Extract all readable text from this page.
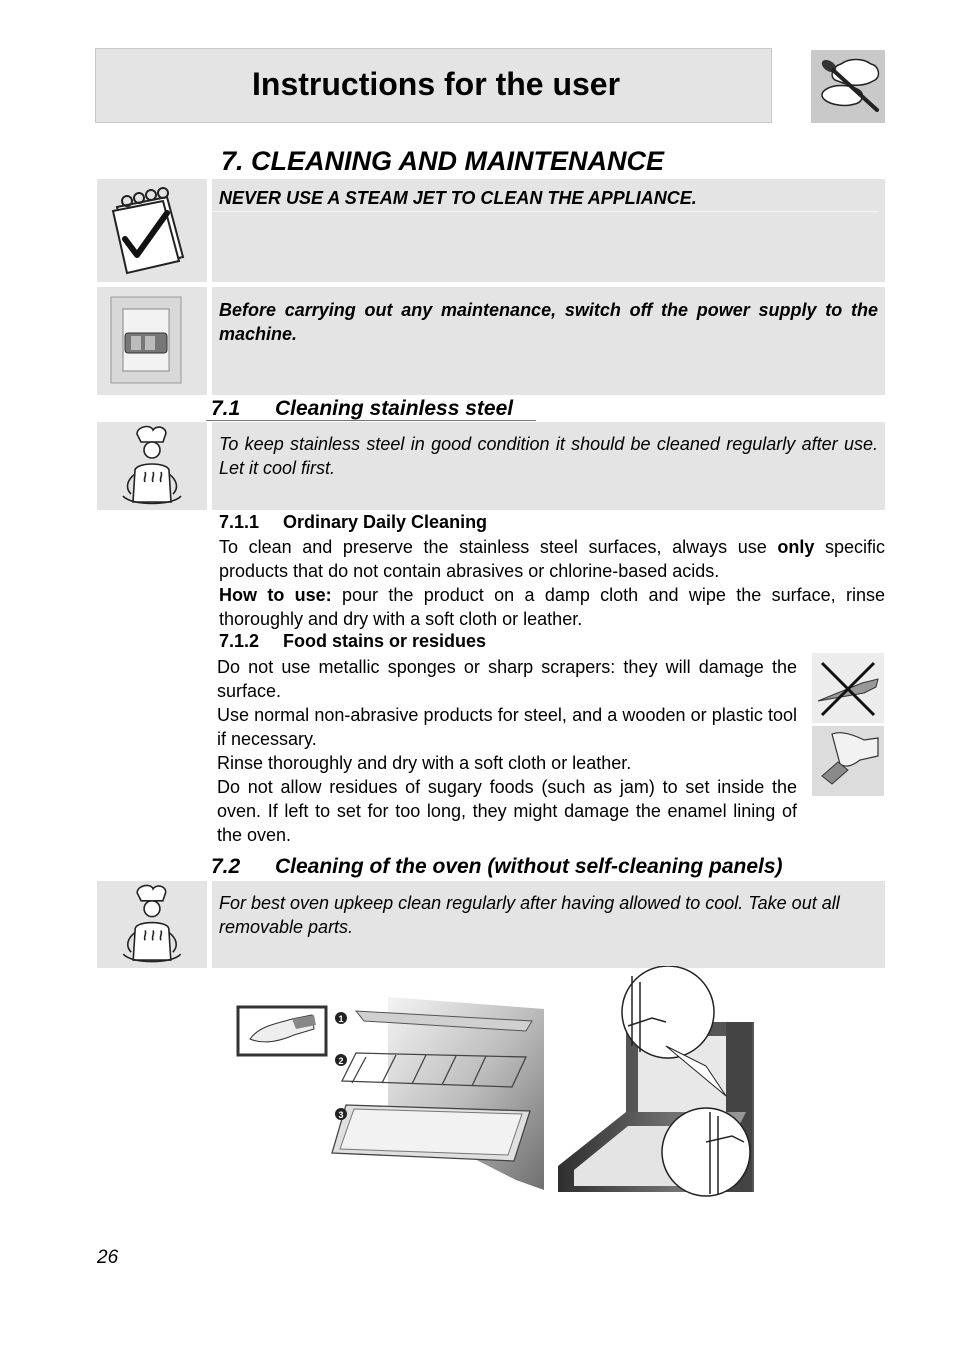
Instructions for the user
7. CLEANING AND MAINTENANCE
NEVER USE A STEAM JET TO CLEAN THE APPLIANCE.
Before carrying out any maintenance, switch off the power supply to the machine.
7.1 Cleaning stainless steel
To keep stainless steel in good condition it should be cleaned regularly after use. Let it cool first.
7.1.1 Ordinary Daily Cleaning
To clean and preserve the stainless steel surfaces, always use only specific products that do not contain abrasives or chlorine-based acids.
How to use: pour the product on a damp cloth and wipe the surface, rinse thoroughly and dry with a soft cloth or leather.
7.1.2 Food stains or residues
Do not use metallic sponges or sharp scrapers: they will damage the surface.
Use normal non-abrasive products for steel, and a wooden or plastic tool if necessary.
Rinse thoroughly and dry with a soft cloth or leather.
Do not allow residues of sugary foods (such as jam) to set inside the oven. If left to set for too long, they might damage the enamel lining of the oven.
7.2 Cleaning of the oven (without self-cleaning panels)
For best oven upkeep clean regularly after having allowed to cool. Take out all removable parts.
1
2
3
26
